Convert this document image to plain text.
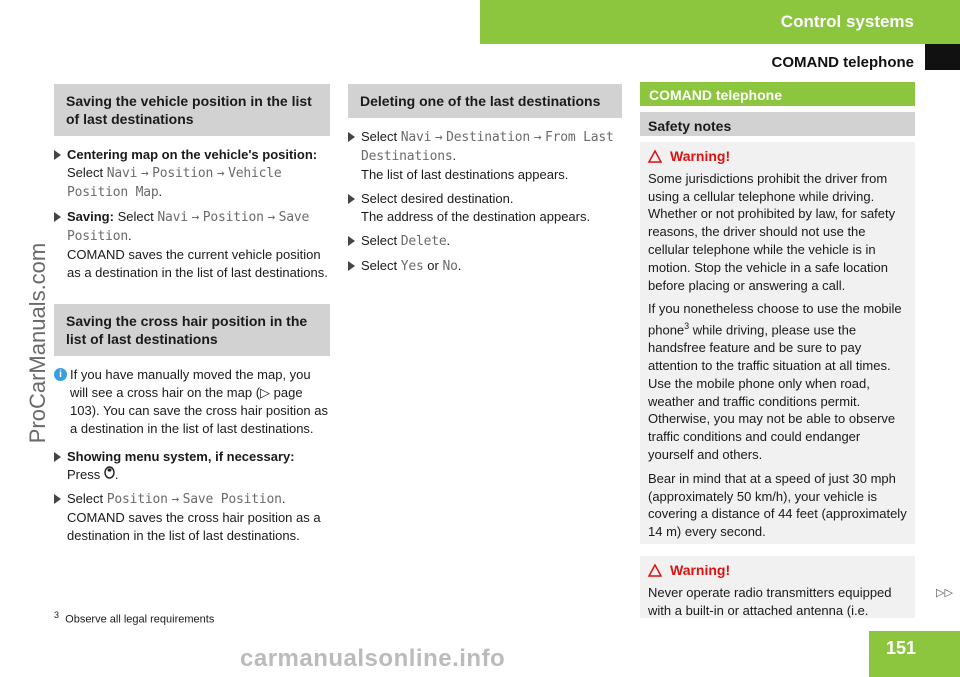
Control systems
COMAND telephone
ProCarManuals.com
Saving the vehicle position in the list of last destinations
Centering map on the vehicle's position: Select Navi → Position → Vehicle Position Map.
Saving: Select Navi → Position → Save Position.
COMAND saves the current vehicle position as a destination in the list of last destinations.
Saving the cross hair position in the list of last destinations
i If you have manually moved the map, you will see a cross hair on the map (▷ page 103). You can save the cross hair position as a destination in the list of last destinations.
Showing menu system, if necessary:
Press .
Select Position → Save Position.
COMAND saves the cross hair position as a destination in the list of last destinations.
Deleting one of the last destinations
Select Navi → Destination → From Last Destinations.
The list of last destinations appears.
Select desired destination.
The address of the destination appears.
Select Delete.
Select Yes or No.
COMAND telephone
Safety notes
Warning!

Some jurisdictions prohibit the driver from using a cellular telephone while driving. Whether or not prohibited by law, for safety reasons, the driver should not use the cellular telephone while the vehicle is in motion. Stop the vehicle in a safe location before placing or answering a call.

If you nonetheless choose to use the mobile phone$^3$ while driving, please use the handsfree feature and be sure to pay attention to the traffic situation at all times. Use the mobile phone only when road, weather and traffic conditions permit. Otherwise, you may not be able to observe traffic conditions and could endanger yourself and others.

Bear in mind that at a speed of just 30 mph (approximately 50 km/h), your vehicle is covering a distance of 44 feet (approximately 14 m) every second.

Warning!

Never operate radio transmitters equipped with a built-in or attached antenna (i.e.

▷▷
$^3$ Observe all legal requirements
151
carmanualsonline.info
